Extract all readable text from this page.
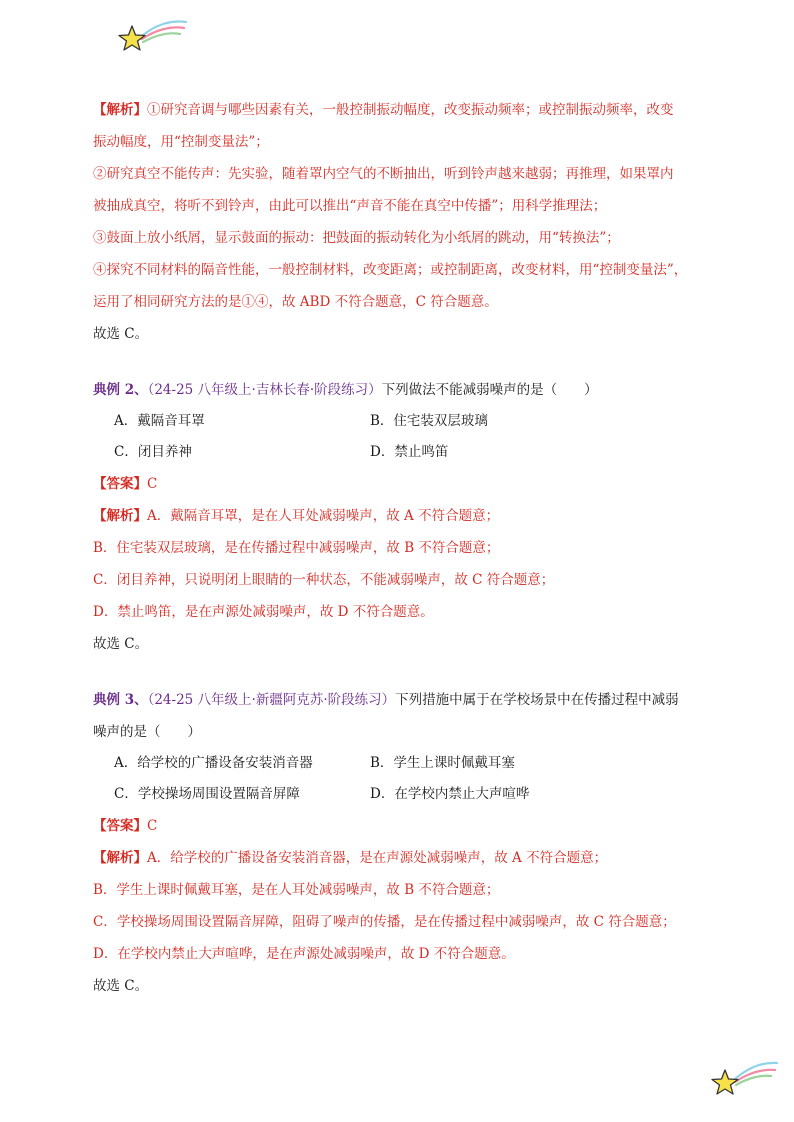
【解析】①研究音调与哪些因素有关，一般控制振动幅度，改变振动频率；或控制振动频率，改变
振动幅度，用“控制变量法”；
②研究真空不能传声：先实验，随着罩内空气的不断抽出，听到铃声越来越弱；再推理，如果罩内
被抽成真空，将听不到铃声，由此可以推出“声音不能在真空中传播”；用科学推理法；
③鼓面上放小纸屑，显示鼓面的振动：把鼓面的振动转化为小纸屑的跳动，用“转换法”；
④探究不同材料的隔音性能，一般控制材料，改变距离；或控制距离，改变材料，用“控制变量法”，
运用了相同研究方法的是①④，故 ABD 不符合题意，C 符合题意。
故选 C。
典例 2、（24-25 八年级上·吉林长春·阶段练习）下列做法不能减弱噪声的是（　　）
A．戴隔音耳罩	B．住宅装双层玻璃
C．闭目养神	D．禁止鸣笛
【答案】C
【解析】A．戴隔音耳罩，是在人耳处减弱噪声，故 A 不符合题意；
B．住宅装双层玻璃，是在传播过程中减弱噪声，故 B 不符合题意；
C．闭目养神，只说明闭上眼睛的一种状态，不能减弱噪声，故 C 符合题意；
D．禁止鸣笛，是在声源处减弱噪声，故 D 不符合题意。
故选 C。
典例 3、（24-25 八年级上·新疆阿克苏·阶段练习）下列措施中属于在学校场景中在传播过程中减弱
噪声的是（　　）
A．给学校的广播设备安装消音器	B．学生上课时佩戴耳塞
C．学校操场周围设置隔音屏障	D．在学校内禁止大声喧哗
【答案】C
【解析】A．给学校的广播设备安装消音器，是在声源处减弱噪声，故 A 不符合题意；
B．学生上课时佩戴耳塞，是在人耳处减弱噪声，故 B 不符合题意；
C．学校操场周围设置隔音屏障，阻碍了噪声的传播，是在传播过程中减弱噪声，故 C 符合题意；
D．在学校内禁止大声喧哗，是在声源处减弱噪声，故 D 不符合题意。
故选 C。
